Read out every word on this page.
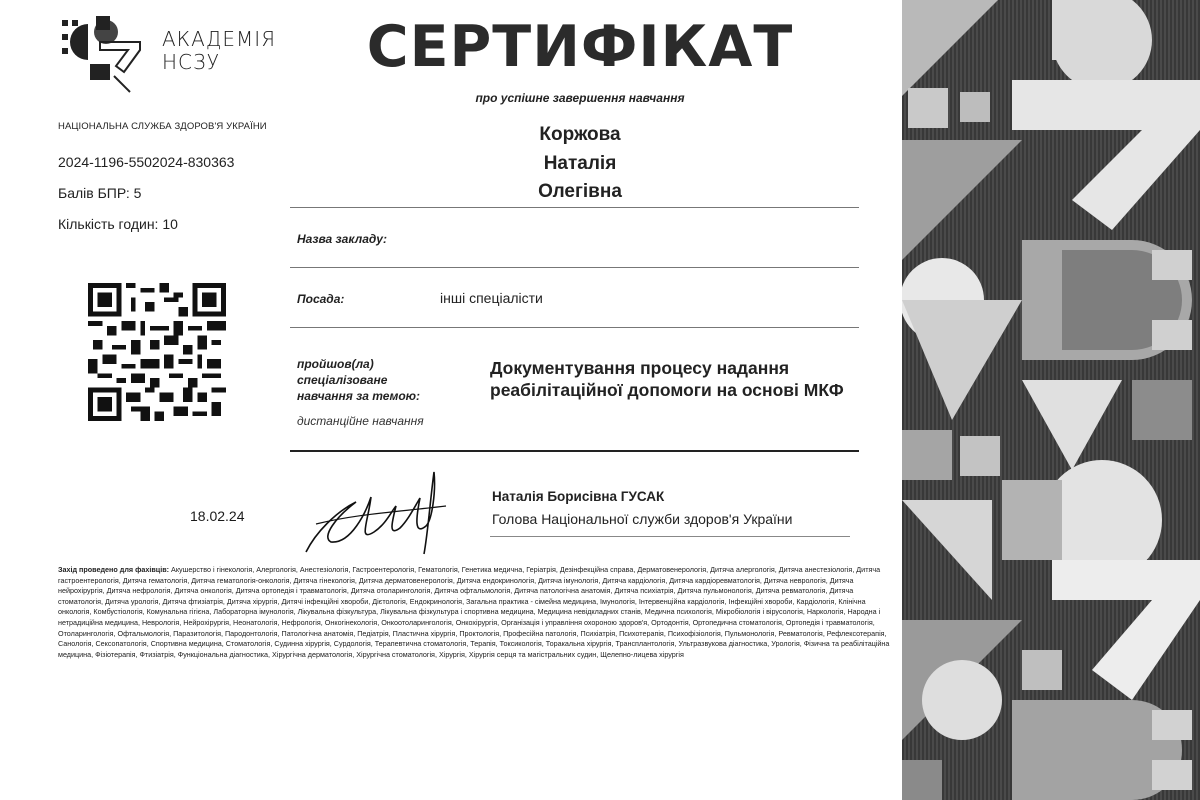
АКАДЕМІЯ
НСЗУ
НАЦІОНАЛЬНА СЛУЖБА ЗДОРОВ'Я УКРАЇНИ
2024-1196-5502024-830363
Балів БПР: 5
Кількість годин: 10
18.02.24
СЕРТИФІКАТ
про успішне завершення навчання
Коржова
Наталія
Олегівна
Назва закладу:
Посада:	інші спеціалісти
пройшов(ла)
спеціалізоване
навчання за темою:
Документування процесу надання реабілітаційної допомоги на основі МКФ
дистанційне навчання
Наталія Борисівна ГУСАК
Голова Національної служби здоров'я України
Захід проведено для фахівців: Акушерство і гінекологія, Алергологія, Анестезіологія, Гастроентерологія, Гематологія, Генетика медична, Геріатрія, Дезінфекційна справа, Дерматовенерологія, Дитяча алергологія, Дитяча анестезіологія, Дитяча гастроентерологія, Дитяча гематологія, Дитяча гематологія-онкологія, Дитяча гінекологія, Дитяча дерматовенерологія, Дитяча ендокринологія, Дитяча імунологія, Дитяча кардіологія, Дитяча кардіоревматологія, Дитяча неврологія, Дитяча нейрохірургія, Дитяча нефрологія, Дитяча онкологія, Дитяча ортопедія і травматологія, Дитяча отоларингологія, Дитяча офтальмологія, Дитяча патологічна анатомія, Дитяча психіатрія, Дитяча пульмонологія, Дитяча ревматологія, Дитяча стоматологія, Дитяча урологія, Дитяча фтизіатрія, Дитяча хірургія, Дитячі інфекційні хвороби, Дієтологія, Ендокринологія, Загальна практика - сімейна медицина, Імунологія, Інтервенційна кардіологія, Інфекційні хвороби, Кардіологія, Клінічна онкологія, Комбустіологія, Комунальна гігієна, Лабораторна імунологія, Лікувальна фізкультура, Лікувальна фізкультура і спортивна медицина, Медицина невідкладних станів, Медична психологія, Мікробіологія і вірусологія, Наркологія, Народна і нетрадиційна медицина, Неврологія, Нейрохірургія, Неонатологія, Нефрологія, Онкогінекологія, Онкоотоларингологія, Онкохірургія, Організація і управління охороною здоров'я, Ортодонтія, Ортопедична стоматологія, Ортопедія і травматологія, Отоларингологія, Офтальмологія, Паразитологія, Пародонтологія, Патологічна анатомія, Педіатрія, Пластична хірургія, Проктологія, Професійна патологія, Психіатрія, Психотерапія, Психофізіологія, Пульмонологія, Ревматологія, Рефлексотерапія, Санологія, Сексопатологія, Спортивна медицина, Стоматологія, Судинна хірургія, Сурдологія, Терапевтична стоматологія, Терапія, Токсикологія, Торакальна хірургія, Трансплантологія, Ультразвукова діагностика, Урологія, Фізична та реабілітаційна медицина, Фізіотерапія, Фтизіатрія, Функціональна діагностика, Хірургічна дерматологія, Хірургічна стоматологія, Хірургія, Хірургія серця та магістральних судин, Щелепно-лицева хірургія
